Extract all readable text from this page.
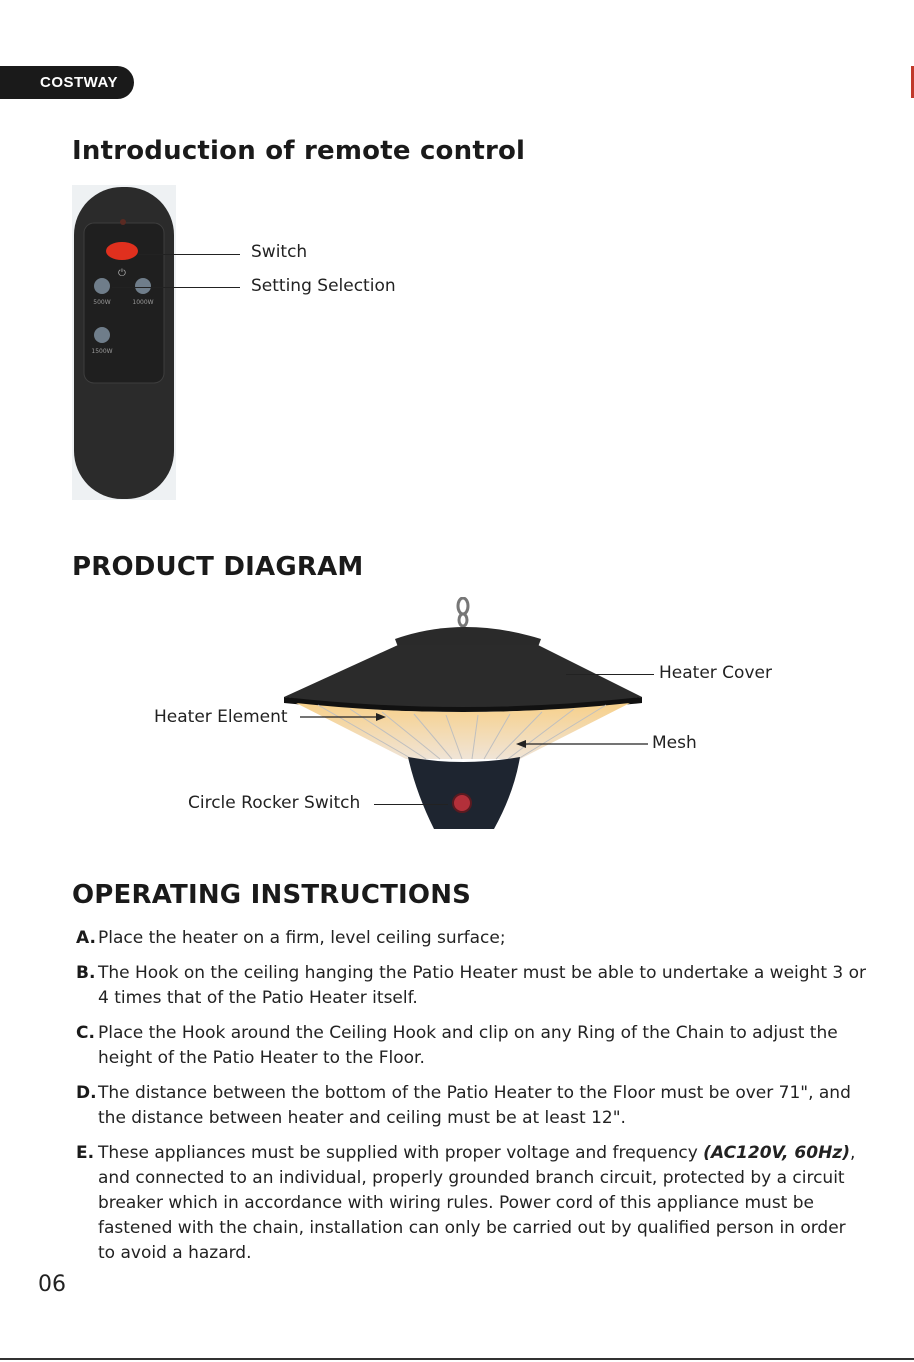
COSTWAY
Introduction of remote control
⏻
500W	1000W
1500W
Switch
Setting Selection
PRODUCT DIAGRAM
Heater Cover
Heater Element
Mesh
Circle Rocker Switch
OPERATING INSTRUCTIONS
A. Place the heater on a firm, level ceiling surface;
B. The Hook on the ceiling hanging the Patio Heater must be able to undertake a weight 3 or 4 times that of the Patio Heater itself.
C. Place the Hook around the Ceiling Hook and clip on any Ring of the Chain to adjust the height of the Patio Heater to the Floor.
D. The distance between the bottom of the Patio Heater to the Floor must be over 71", and the distance between heater and ceiling must be at least 12".
E. These appliances must be supplied with proper voltage and frequency (AC120V, 60Hz), and connected to an individual, properly grounded branch circuit, protected by a circuit breaker which in accordance with wiring rules. Power cord of this appliance must be fastened with the chain, installation can only be carried out by qualified person in order to avoid a hazard.
06
